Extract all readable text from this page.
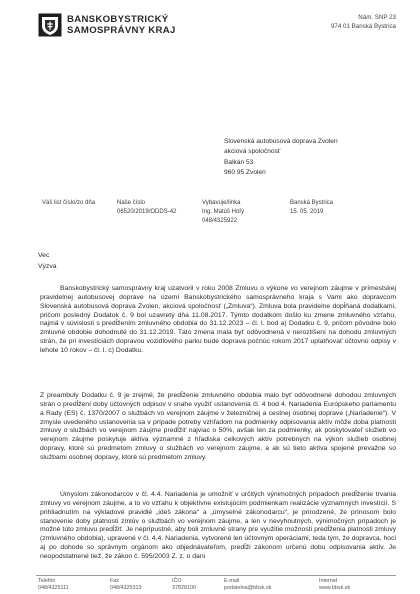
BANSKOBYSTRICKÝ
SAMOSPRÁVNY KRAJ
Nám. SNP 23
974 01 Banská Bystrica
Slovenská autobusová doprava Zvolen
akciová spoločnosť
Balkán 53
960 95 Zvolen
Váš list číslo/zo dňa	Naše číslo
06520/2019/ODDS-42
Vybavuje/linka
Ing. Matúš Hoľý
048/4325922
Banská Bystrica
15. 05. 2019
Vec
Výzva
Banskobystrický samosprávny kraj uzatvoril v roku 2008 Zmluvu o výkone vo verejnom záujme v prímestskej pravidelnej autobusovej doprave na území Banskobystrického samosprávneho kraja s Vami ako dopravcom Slovenská autobusová doprava Zvolen, akciová spoločnosť („Zmluva“). Zmluva bola pravidelne dopĺňaná dodatkami, pričom posledný Dodatok č. 9 bol uzavretý dňa 11.08.2017. Týmto dodatkom došlo ku zmene zmluvného vzťahu, najmä v súvislosti s predĺžením zmluvného obdobia do 31.12.2023 – čl. I. bod a) Dodatku č. 9, pričom pôvodne bolo zmluvné obdobie dohodnuté do 31.12.2019. Táto zmena mala byť odôvodnená v nerozlíšení na dohodu zmluvných strán, že pri investíciách dopravou vozidlového parku bude doprava počnúc rokom 2017 uplatňovať účtovnú odpisy v lehote 10 rokov – čl. I. c) Dodatku.
Z preambuly Dodatku č. 9 je zrejmé, že predĺženie zmluvného obdobia malo byť odôvodnené dohodou zmluvných strán o predĺžení doby účtovných odpisov v snahe využiť ustanovenia čl. 4 bod 4. Nariadenia Európskeho parlamentu a Rady (ES) č. 1370/2007 o službách vo verejnom záujme v železničnej a cestnej osobnej doprave („Nariadenie“). V zmysle uvedeného ustanovenia sa v prípade potreby vzhľadom na podmienky odpisovania aktív môže doba platnosti zmluvy o službách vo verejnom záujme predĺžiť najviac o 50%, avšak len za podmienky, ak poskytovateľ služieb vo verejnom záujme poskytuje aktíva významné z hľadiska celkových aktív potrebných na výkon služieb osobnej dopravy, ktoré sú predmetom zmluvy o službách vo verejnom záujme, a ak sú tieto aktíva spojené prevažne so službami osobnej dopravy, ktoré sú predmetom zmluvy.
Úmyslom zákonodarcov v čl. 4.4. Nariadenia je umožniť v určitých výnimočných prípadoch predĺženie trvania zmluvy vo verejnom záujme, a to vo vzťahu k objektívne existujúcim podmienkam realizácie významných investícií. S prihliadnutím na výkladové pravidlé „ideš zákona“ a „úmyselné zákonodarcu“, je prirodzené, že prínosom bolo stanovenie doby platnosti zmlúv o službách vo verejnom záujme, a len v nevyhnutných, výnimočných prípadoch je možné túto zmluvu predĺžiť. Je neprípustné, aby boli zmluvné strany pre využitie možnosti predĺženia platnosti zmluvy (zmluvného obdobia), upravené v čl. 4.4. Nariadenia, vytvorené len účtovným operáciami, teda tým, že dopravca, hoci aj po dohode so správnym orgánom ako objednávateľom, predĺži zákonom určenú dobu odpisovania aktív. Je neopodstatnené tiež, že zákon č. 595/2003 Z. z. o dani
Telefón
048/4325111
Fax
048/4325313
IČO
37828100
E-mail
podatelna@bbsk.sk
Internet
www.bbsk.sk
